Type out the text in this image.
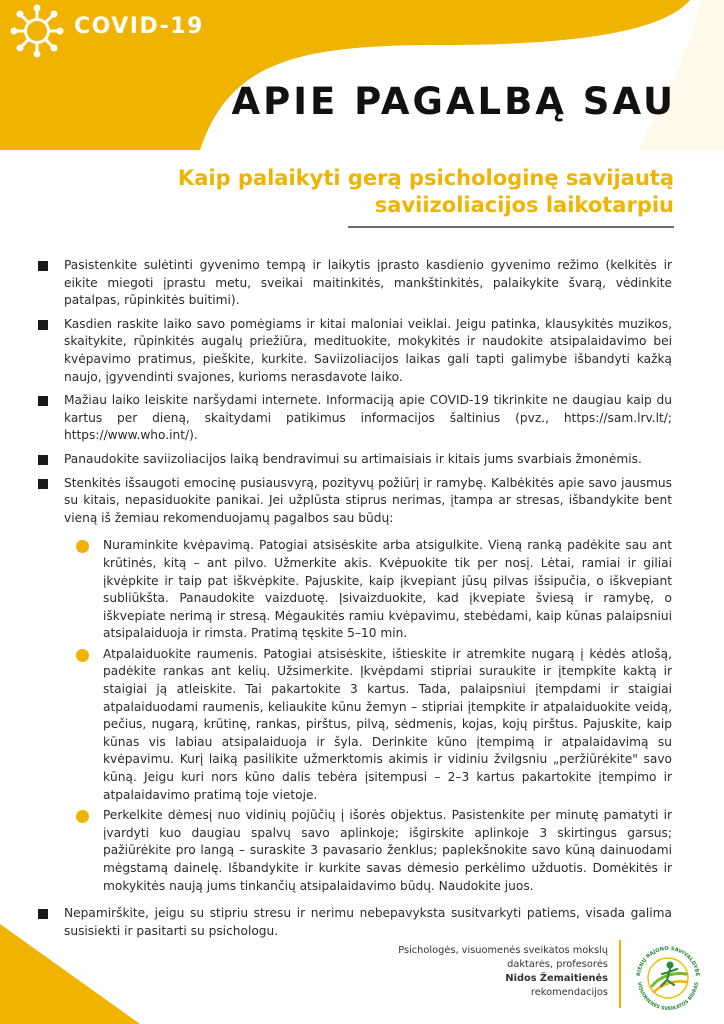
COVID-19
APIE PAGALBĄ SAU
Kaip palaikyti gerą psichologinę savijautą
saviizoliacijos laikotarpiu
Pasistenkite sulėtinti gyvenimo tempą ir laikytis įprasto kasdienio gyvenimo režimo (kelkitės ir eikite miegoti įprastu metu, sveikai maitinkitės, mankštinkitės, palaikykite švarą, vėdinkite patalpas, rūpinkitės buitimi).
Kasdien raskite laiko savo pomėgiams ir kitai maloniai veiklai. Jeigu patinka, klausykitės muzikos, skaitykite, rūpinkitės augalų priežiūra, medituokite, mokykitės ir naudokite atsipalaidavimo bei kvėpavimo pratimus, pieškite, kurkite. Saviizoliacijos laikas gali tapti galimybe išbandyti kažką naujo, įgyvendinti svajones, kurioms nerasdavote laiko.
Mažiau laiko leiskite naršydami internete. Informaciją apie COVID-19 tikrinkite ne daugiau kaip du kartus per dieną, skaitydami patikimus informacijos šaltinius (pvz., https://sam.lrv.lt/; https://www.who.int/).
Panaudokite saviizoliacijos laiką bendravimui su artimaisiais ir kitais jums svarbiais žmonėmis.
Stenkitės išsaugoti emocinę pusiausvyrą, pozityvų požiūrį ir ramybę. Kalbėkitės apie savo jausmus su kitais, nepasiduokite panikai. Jei užplūsta stiprus nerimas, įtampa ar stresas, išbandykite bent vieną iš žemiau rekomenduojamų pagalbos sau būdų:
Nuraminkite kvėpavimą. Patogiai atsisėskite arba atsigulkite. Vieną ranką padėkite sau ant krūtinės, kitą – ant pilvo. Užmerkite akis. Kvėpuokite tik per nosį. Lėtai, ramiai ir giliai įkvėpkite ir taip pat iškvėpkite. Pajuskite, kaip įkvepiant jūsų pilvas išsipučia, o iškvepiant subliūkšta. Panaudokite vaizduotę. Įsivaizduokite, kad įkvepiate šviesą ir ramybę, o iškvepiate nerimą ir stresą. Mėgaukitės ramiu kvėpavimu, stebėdami, kaip kūnas palaipsniui atsipalaiduoja ir rimsta. Pratimą tęskite 5–10 min.
Atpalaiduokite raumenis. Patogiai atsisėskite, ištieskite ir atremkite nugarą į kėdės atlošą, padėkite rankas ant kelių. Užsimerkite. Įkvėpdami stipriai suraukite ir įtempkite kaktą ir staigiai ją atleiskite. Tai pakartokite 3 kartus. Tada, palaipsniui įtempdami ir staigiai atpalaiduodami raumenis, keliaukite kūnu žemyn – stipriai įtempkite ir atpalaiduokite veidą, pečius, nugarą, krūtinę, rankas, pirštus, pilvą, sėdmenis, kojas, kojų pirštus. Pajuskite, kaip kūnas vis labiau atsipalaiduoja ir šyla. Derinkite kūno įtempimą ir atpalaidavimą su kvėpavimu. Kurį laiką pasilikite užmerktomis akimis ir vidiniu žvilgsniu „peržiūrėkite" savo kūną. Jeigu kuri nors kūno dalis tebėra įsitempusi – 2–3 kartus pakartokite įtempimo ir atpalaidavimo pratimą toje vietoje.
Perkelkite dėmesį nuo vidinių pojūčių į išorės objektus. Pasistenkite per minutę pamatyti ir įvardyti kuo daugiau spalvų savo aplinkoje; išgirskite aplinkoje 3 skirtingus garsus; pažiūrėkite pro langą – suraskite 3 pavasario ženklus; paplekšnokite savo kūną dainuodami mėgstamą dainelę. Išbandykite ir kurkite savas dėmesio perkėlimo užduotis. Domėkitės ir mokykitės naują jums tinkančių atsipalaidavimo būdų. Naudokite juos.
Nepamirškite, jeigu su stipriu stresu ir nerimu nebepavyksta susitvarkyti patiems, visada galima susisiekti ir pasitarti su psichologu.
Psichologės, visuomenės sveikatos mokslų
daktarės, profesorės
Nidos Žemaitienės
rekomendacijos
RIENŲ RAJONO SAVIVALDYBĖ
VISUOMENĖS SVEIKATOS BIURAS
